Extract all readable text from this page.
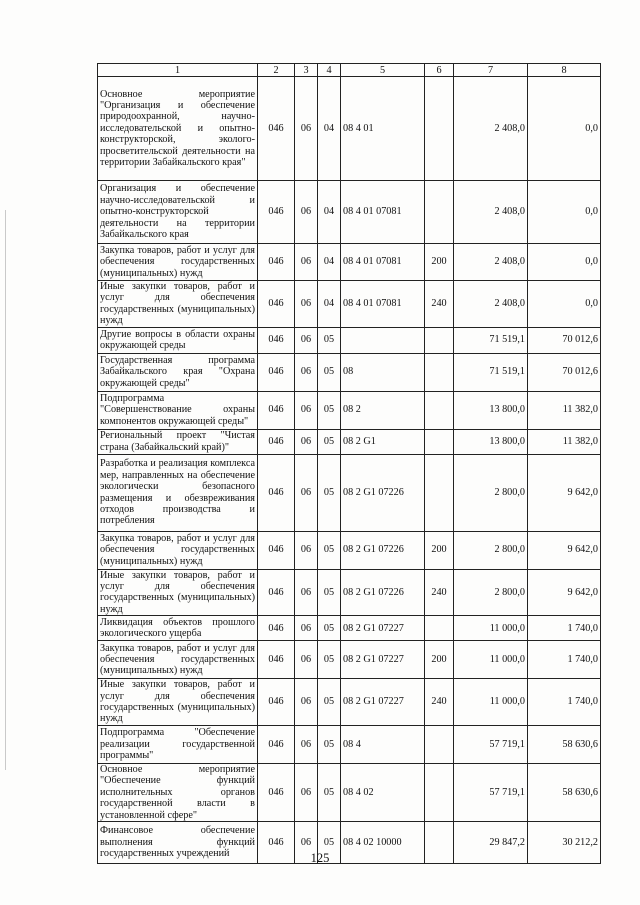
1	2	3	4	5	6	7	8
Основное мероприятие "Организация и обеспечение природоохранной, научно-исследовательской и опытно-конструкторской, эколого-просветительской деятельности на территории Забайкальского края"	046	06	04	08 4 01		2 408,0	0,0
Организация и обеспечение научно-исследовательской и опытно-конструкторской деятельности на территории Забайкальского края	046	06	04	08 4 01 07081		2 408,0	0,0
Закупка товаров, работ и услуг для обеспечения государственных (муниципальных) нужд	046	06	04	08 4 01 07081	200	2 408,0	0,0
Иные закупки товаров, работ и услуг для обеспечения государственных (муниципальных) нужд	046	06	04	08 4 01 07081	240	2 408,0	0,0
Другие вопросы в области охраны окружающей среды	046	06	05			71 519,1	70 012,6
Государственная программа Забайкальского края "Охрана окружающей среды"	046	06	05	08		71 519,1	70 012,6
Подпрограмма "Совершенствование охраны компонентов окружающей среды"	046	06	05	08 2		13 800,0	11 382,0
Региональный проект "Чистая страна (Забайкальский край)"	046	06	05	08 2 G1		13 800,0	11 382,0
Разработка и реализация комплекса мер, направленных на обеспечение экологически безопасного размещения и обезвреживания отходов производства и потребления	046	06	05	08 2 G1 07226		2 800,0	9 642,0
Закупка товаров, работ и услуг для обеспечения государственных (муниципальных) нужд	046	06	05	08 2 G1 07226	200	2 800,0	9 642,0
Иные закупки товаров, работ и услуг для обеспечения государственных (муниципальных) нужд	046	06	05	08 2 G1 07226	240	2 800,0	9 642,0
Ликвидация объектов прошлого экологического ущерба	046	06	05	08 2 G1 07227		11 000,0	1 740,0
Закупка товаров, работ и услуг для обеспечения государственных (муниципальных) нужд	046	06	05	08 2 G1 07227	200	11 000,0	1 740,0
Иные закупки товаров, работ и услуг для обеспечения государственных (муниципальных) нужд	046	06	05	08 2 G1 07227	240	11 000,0	1 740,0
Подпрограмма "Обеспечение реализации государственной программы"	046	06	05	08 4		57 719,1	58 630,6
Основное мероприятие "Обеспечение функций исполнительных органов государственной власти в установленной сфере"	046	06	05	08 4 02		57 719,1	58 630,6
Финансовое обеспечение выполнения функций государственных учреждений	046	06	05	08 4 02 10000		29 847,2	30 212,2
125
